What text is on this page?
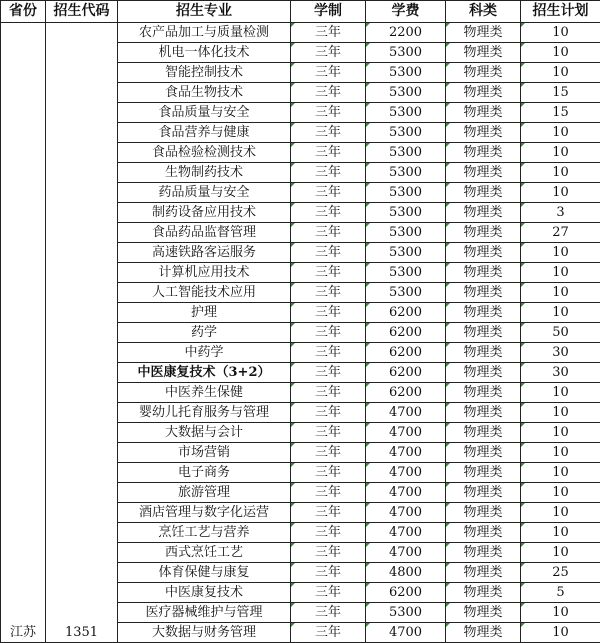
省份	招生代码	招生专业	学制	学费	科类	招生计划
江苏	1351	农产品加工与质量检测	三年	2200	物理类	10
		机电一体化技术	三年	5300	物理类	10
		智能控制技术	三年	5300	物理类	10
		食品生物技术	三年	5300	物理类	15
		食品质量与安全	三年	5300	物理类	15
		食品营养与健康	三年	5300	物理类	10
		食品检验检测技术	三年	5300	物理类	10
		生物制药技术	三年	5300	物理类	10
		药品质量与安全	三年	5300	物理类	10
		制药设备应用技术	三年	5300	物理类	3
		食品药品监督管理	三年	5300	物理类	27
		高速铁路客运服务	三年	5300	物理类	10
		计算机应用技术	三年	5300	物理类	10
		人工智能技术应用	三年	5300	物理类	10
		护理	三年	6200	物理类	10
		药学	三年	6200	物理类	50
		中药学	三年	6200	物理类	30
		中医康复技术（3+2）	三年	6200	物理类	30
		中医养生保健	三年	6200	物理类	10
		婴幼儿托育服务与管理	三年	4700	物理类	10
		大数据与会计	三年	4700	物理类	10
		市场营销	三年	4700	物理类	10
		电子商务	三年	4700	物理类	10
		旅游管理	三年	4700	物理类	10
		酒店管理与数字化运营	三年	4700	物理类	10
		烹饪工艺与营养	三年	4700	物理类	10
		西式烹饪工艺	三年	4700	物理类	10
		体育保健与康复	三年	4800	物理类	25
		中医康复技术	三年	6200	物理类	5
		医疗器械维护与管理	三年	5300	物理类	10
		大数据与财务管理	三年	4700	物理类	10
